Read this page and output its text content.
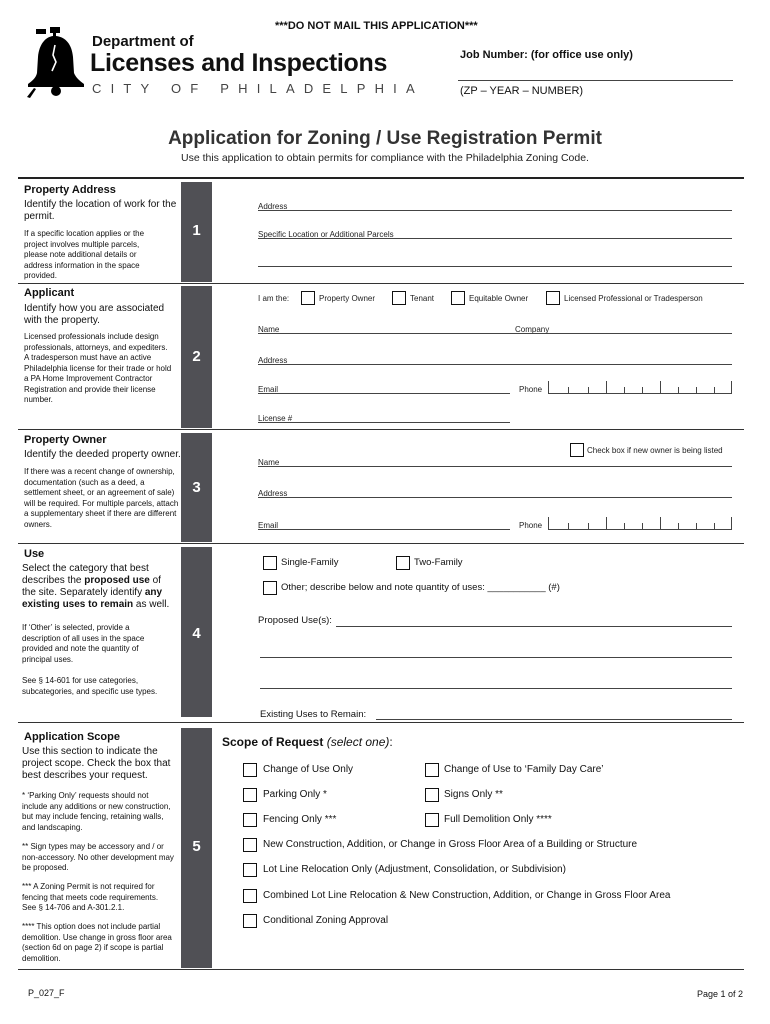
***DO NOT MAIL THIS APPLICATION***
Department of
Licenses and Inspections
CITY OF PHILADELPHIA
Job Number: (for office use only)
(ZP – YEAR – NUMBER)
Application for Zoning / Use Registration Permit
Use this application to obtain permits for compliance with the Philadelphia Zoning Code.
1
Property Address
Identify the location of work for the permit.
If a specific location applies or the project involves multiple parcels, please note additional details or address information in the space provided.
Address
Specific Location or Additional Parcels
2
Applicant
Identify how you are associated with the property.
Licensed professionals include design professionals, attorneys, and expediters. A tradesperson must have an active Philadelphia license for their trade or hold a PA Home Improvement Contractor Registration and provide their license number.
I am the:	Property Owner	Tenant	Equitable Owner	Licensed Professional or Tradesperson
Name	Company
Address
Email	Phone
License #
3
Property Owner
Identify the deeded property owner.
If there was a recent change of ownership, documentation (such as a deed, a settlement sheet, or an agreement of sale) will be required. For multiple parcels, attach a supplementary sheet if there are different owners.
Check box if new owner is being listed
Name
Address
Email	Phone
4
Use
Select the category that best describes the proposed use of the site. Separately identify any existing uses to remain as well.
If ‘Other’ is selected, provide a description of all uses in the space provided and note the quantity of principal uses.
See § 14-601 for use categories, subcategories, and specific use types.
Single-Family	Two-Family
Other; describe below and note quantity of uses: ___________ (#)
Proposed Use(s):
Existing Uses to Remain:
5
Application Scope
Use this section to indicate the project scope. Check the box that best describes your request.
* ‘Parking Only’ requests should not include any additions or new construction, but may include fencing, retaining walls, and landscaping.
** Sign types may be accessory and / or non-accessory. No other development may be proposed.
*** A Zoning Permit is not required for fencing that meets code requirements. See § 14-706 and A-301.2.1.
**** This option does not include partial demolition. Use change in gross floor area (section 6d on page 2) if scope is partial demolition.
Scope of Request (select one):
Change of Use Only	Change of Use to ‘Family Day Care’
Parking Only *	Signs Only **
Fencing Only ***	Full Demolition Only ****
New Construction, Addition, or Change in Gross Floor Area of a Building or Structure
Lot Line Relocation Only (Adjustment, Consolidation, or Subdivision)
Combined Lot Line Relocation & New Construction, Addition, or Change in Gross Floor Area
Conditional Zoning Approval
P_027_F	Page 1 of 2
